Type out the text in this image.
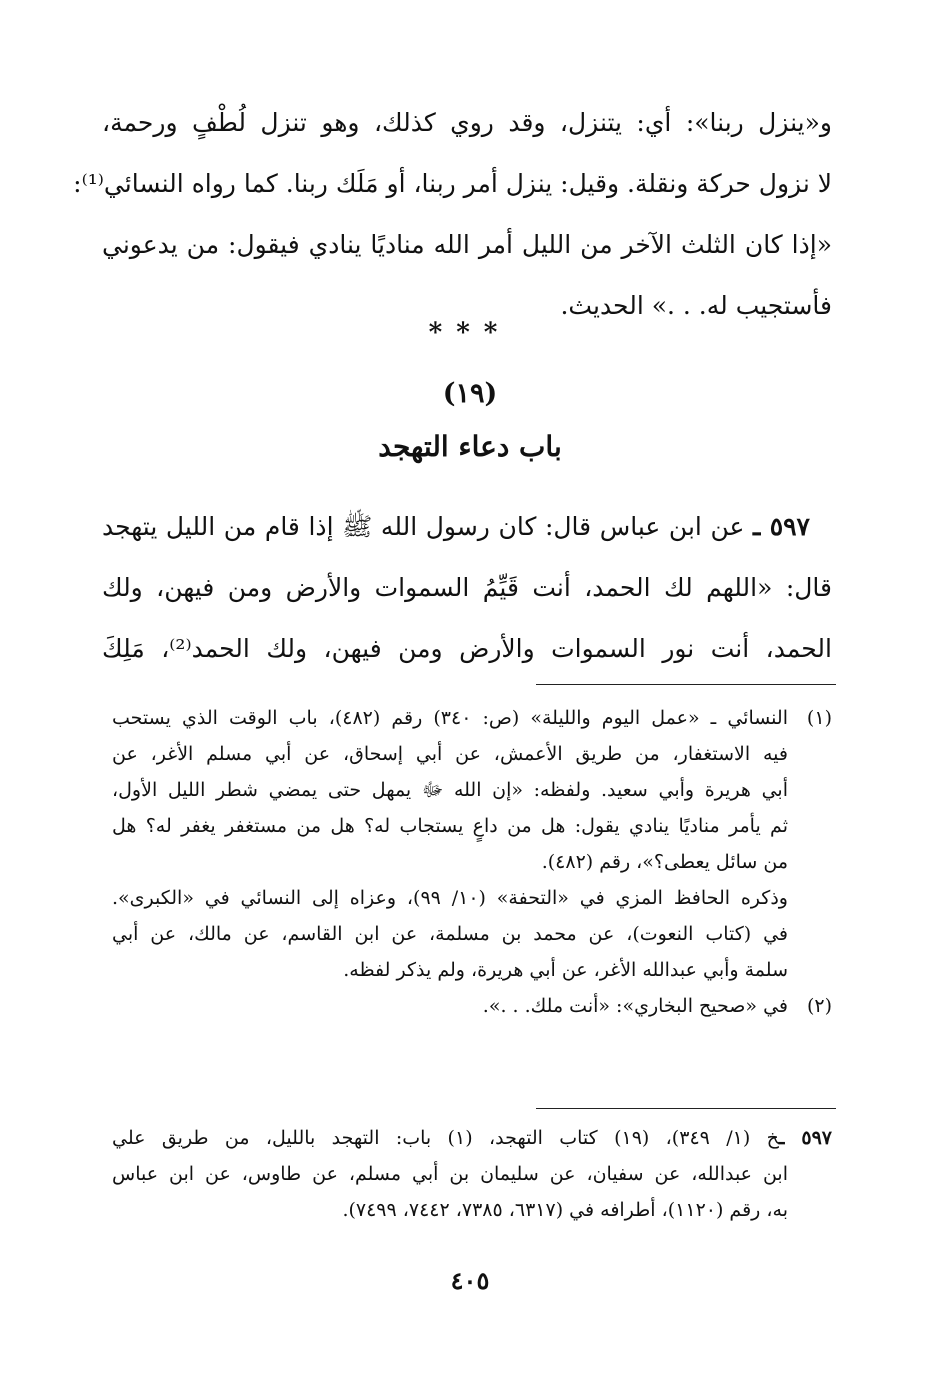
و«ينزل ربنا»: أي: يتنزل، وقد روي كذلك، وهو تنزل لُطْفٍ ورحمة،
لا نزول حركة ونقلة. وقيل: ينزل أمر ربنا، أو مَلَك ربنا. كما رواه النسائي⁽¹⁾:
«إذا كان الثلث الآخر من الليل أمر الله مناديًا ينادي فيقول: من يدعوني
فأستجيب له. . .» الحديث.
***
(١٩)
باب دعاء التهجد
٥٩٧ ـ عن ابن عباس قال: كان رسول الله ﷺ إذا قام من الليل يتهجد
قال: «اللهم لك الحمد، أنت قَيِّمُ السموات والأرض ومن فيهن، ولك
الحمد، أنت نور السموات والأرض ومن فيهن، ولك الحمد⁽²⁾، مَلِكَ
(١)النسائي ـ «عمل اليوم والليلة» (ص: ٣٤٠) رقم (٤٨٢)، باب الوقت الذي يستحب
فيه الاستغفار، من طريق الأعمش، عن أبي إسحاق، عن أبي مسلم الأغر، عن
أبي هريرة وأبي سعيد. ولفظه: «إن الله ﷻ يمهل حتى يمضي شطر الليل الأول،
ثم يأمر مناديًا ينادي يقول: هل من داعٍ يستجاب له؟ هل من مستغفر يغفر له؟ هل
من سائل يعطى؟»، رقم (٤٨٢).
وذكره الحافظ المزي في «التحفة» (١٠/ ٩٩)، وعزاه إلى النسائي في «الكبرى».
في (كتاب النعوت)، عن محمد بن مسلمة، عن ابن القاسم، عن مالك، عن أبي
سلمة وأبي عبدالله الأغر، عن أبي هريرة، ولم يذكر لفظه.
(٢)في «صحيح البخاري»: «أنت ملك. . .».
٥٩٧ ـخ (١/ ٣٤٩)، (١٩) كتاب التهجد، (١) باب: التهجد بالليل، من طريق علي
ابن عبدالله، عن سفيان، عن سليمان بن أبي مسلم، عن طاوس، عن ابن عباس
به، رقم (١١٢٠)، أطرافه في (٦٣١٧، ٧٣٨٥، ٧٤٤٢، ٧٤٩٩).
٤٠٥
